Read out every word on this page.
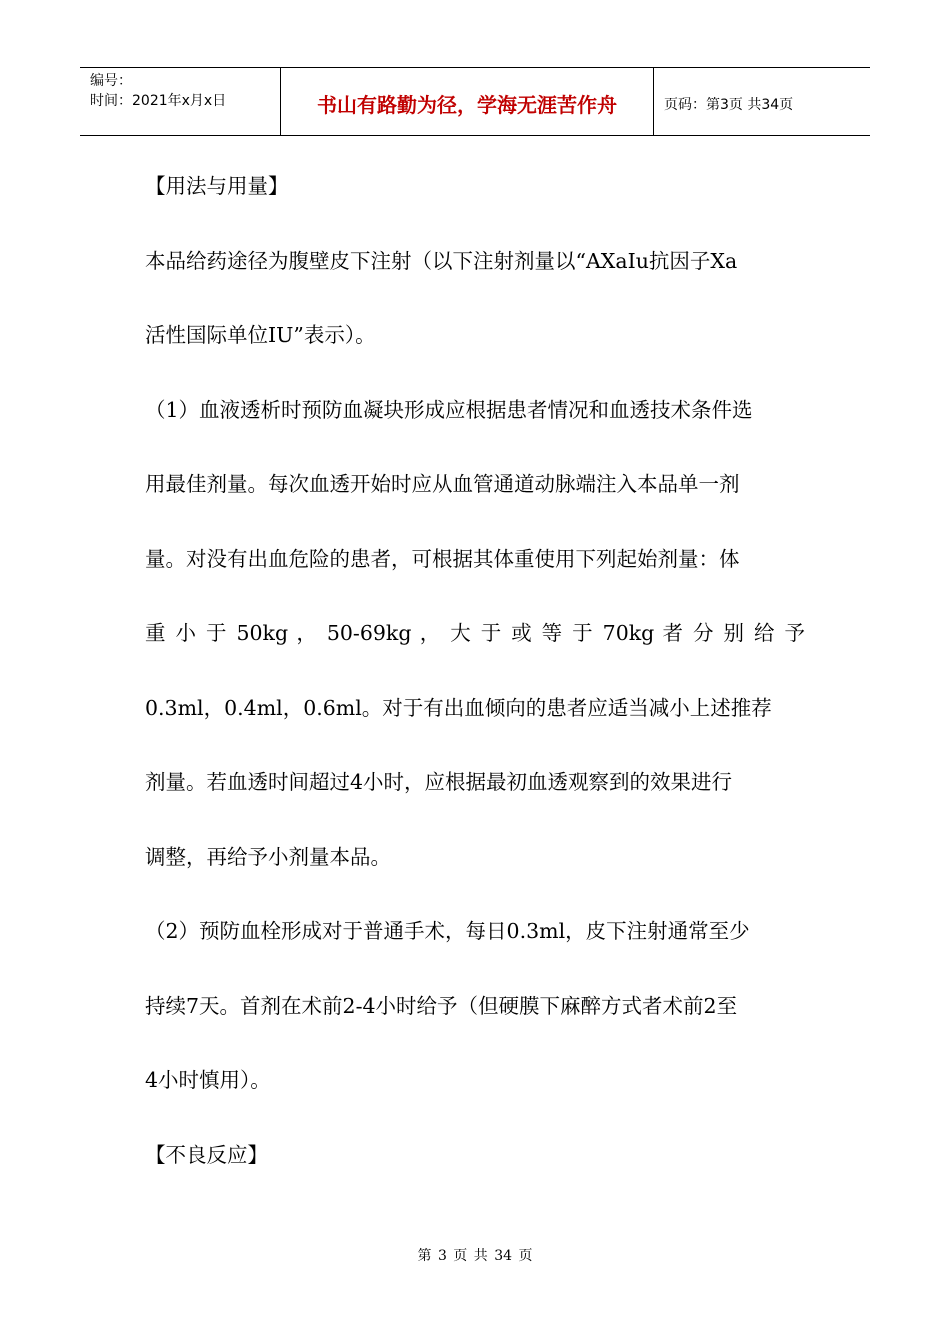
编号：
时间：2021年x月x日	书山有路勤为径，学海无涯苦作舟	页码：第3页 共34页
【用法与用量】
本品给药途径为腹壁皮下注射（以下注射剂量以“AXaIu抗因子Xa
活性国际单位IU”表示）。
（1）血液透析时预防血凝块形成应根据患者情况和血透技术条件选
用最佳剂量。每次血透开始时应从血管通道动脉端注入本品单一剂
量。对没有出血危险的患者，可根据其体重使用下列起始剂量：体
重 小 于 50kg ， 50-69kg ， 大 于 或 等 于 70kg 者 分 别 给 予
0.3ml，0.4ml，0.6ml。对于有出血倾向的患者应适当减小上述推荐
剂量。若血透时间超过4小时，应根据最初血透观察到的效果进行
调整，再给予小剂量本品。
（2）预防血栓形成对于普通手术，每日0.3ml，皮下注射通常至少
持续7天。首剂在术前2-4小时给予（但硬膜下麻醉方式者术前2至
4小时慎用）。
【不良反应】
第 3 页 共 34 页
